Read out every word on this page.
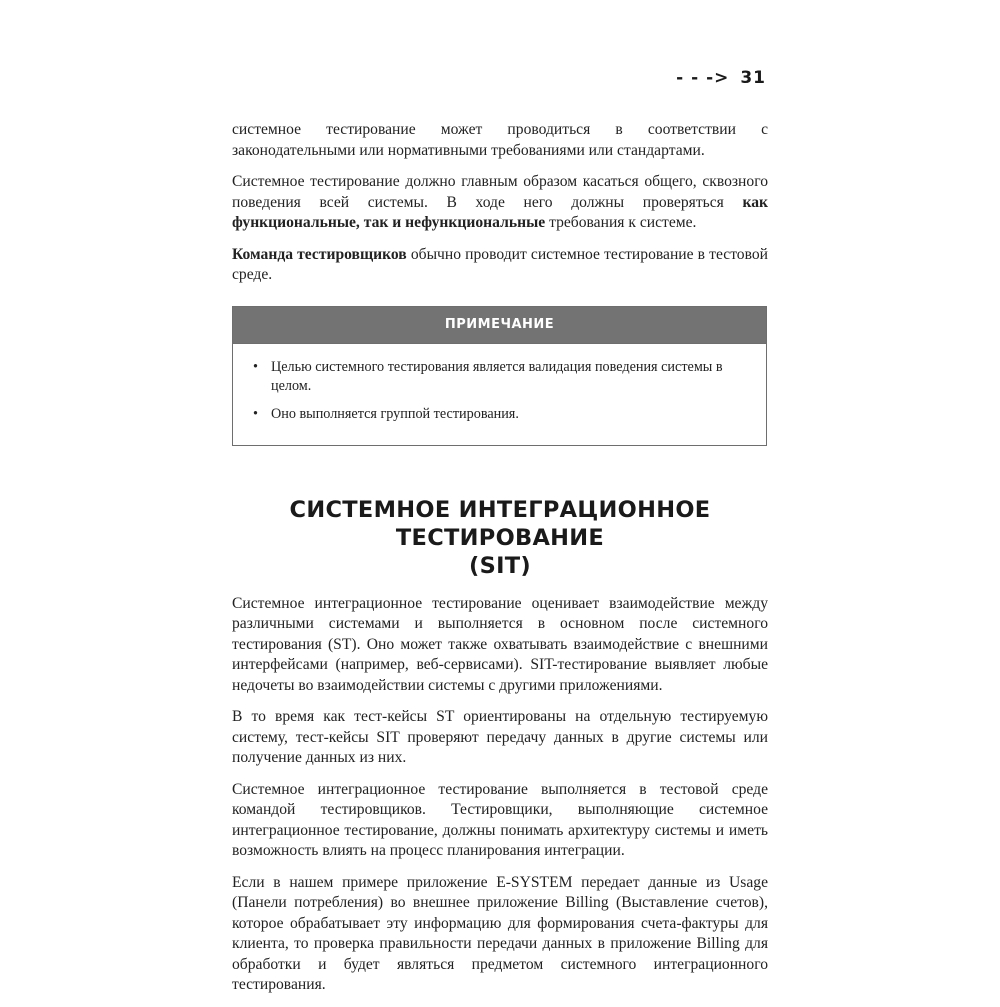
- - -> 31

системное тестирование может проводиться в соответствии с законодательными или нормативными требованиями или стандартами.

Системное тестирование должно главным образом касаться общего, сквозного поведения всей системы. В ходе него должны проверяться как функциональные, так и нефункциональные требования к системе.

Команда тестировщиков обычно проводит системное тестирование в тестовой среде.

ПРИМЕЧАНИЕ
• Целью системного тестирования является валидация поведения системы в целом.
• Оно выполняется группой тестирования.
СИСТЕМНОЕ ИНТЕГРАЦИОННОЕ ТЕСТИРОВАНИЕ
(SIT)

Системное интеграционное тестирование оценивает взаимодействие между различными системами и выполняется в основном после системного тестирования (ST). Оно может также охватывать взаимодействие с внешними интерфейсами (например, веб-сервисами). SIT-тестирование выявляет любые недочеты во взаимодействии системы с другими приложениями.

В то время как тест-кейсы ST ориентированы на отдельную тестируемую систему, тест-кейсы SIT проверяют передачу данных в другие системы или получение данных из них.

Системное интеграционное тестирование выполняется в тестовой среде командой тестировщиков. Тестировщики, выполняющие системное интеграционное тестирование, должны понимать архитектуру системы и иметь возможность влиять на процесс планирования интеграции.

Если в нашем примере приложение E-SYSTEM передает данные из Usage (Панели потребления) во внешнее приложение Billing (Выставление счетов), которое обрабатывает эту информацию для формирования счета-фактуры для клиента, то проверка правильности передачи данных в приложение Billing для обработки и будет являться предметом системного интеграционного тестирования.
